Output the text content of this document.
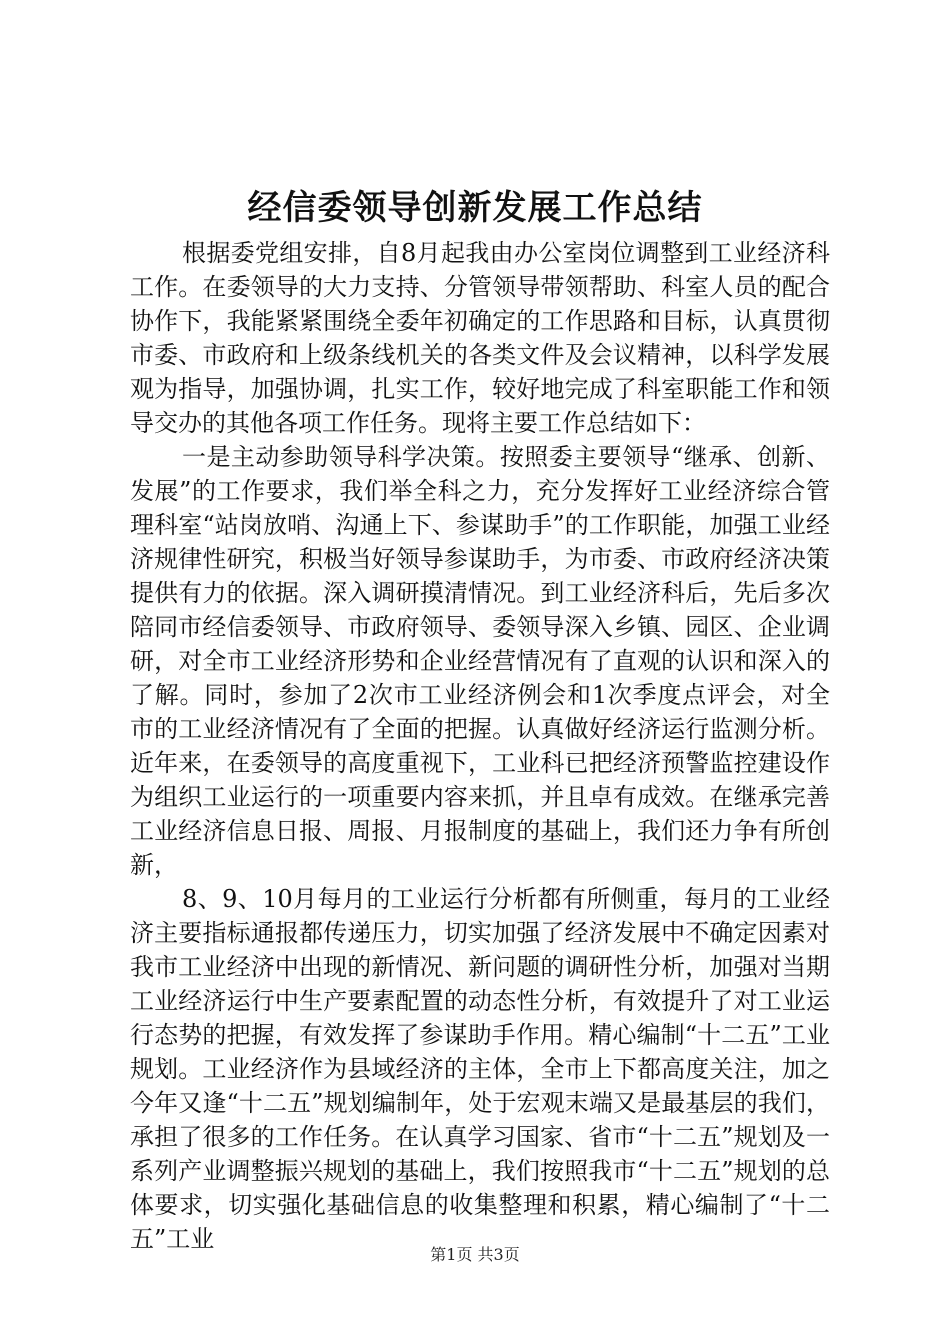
经信委领导创新发展工作总结

根据委党组安排，自8月起我由办公室岗位调整到工业经济科工作。在委领导的大力支持、分管领导带领帮助、科室人员的配合协作下，我能紧紧围绕全委年初确定的工作思路和目标，认真贯彻市委、市政府和上级条线机关的各类文件及会议精神，以科学发展观为指导，加强协调，扎实工作，较好地完成了科室职能工作和领导交办的其他各项工作任务。现将主要工作总结如下：

一是主动参助领导科学决策。按照委主要领导“继承、创新、发展”的工作要求，我们举全科之力，充分发挥好工业经济综合管理科室“站岗放哨、沟通上下、参谋助手”的工作职能，加强工业经济规律性研究，积极当好领导参谋助手，为市委、市政府经济决策提供有力的依据。深入调研摸清情况。到工业经济科后，先后多次陪同市经信委领导、市政府领导、委领导深入乡镇、园区、企业调研，对全市工业经济形势和企业经营情况有了直观的认识和深入的了解。同时，参加了2次市工业经济例会和1次季度点评会，对全市的工业经济情况有了全面的把握。认真做好经济运行监测分析。近年来，在委领导的高度重视下，工业科已把经济预警监控建设作为组织工业运行的一项重要内容来抓，并且卓有成效。在继承完善工业经济信息日报、周报、月报制度的基础上，我们还力争有所创新，

8、9、10月每月的工业运行分析都有所侧重，每月的工业经济主要指标通报都传递压力，切实加强了经济发展中不确定因素对我市工业经济中出现的新情况、新问题的调研性分析，加强对当期工业经济运行中生产要素配置的动态性分析，有效提升了对工业运行态势的把握，有效发挥了参谋助手作用。精心编制“十二五”工业规划。工业经济作为县域经济的主体，全市上下都高度关注，加之今年又逢“十二五”规划编制年，处于宏观末端又是最基层的我们，承担了很多的工作任务。在认真学习国家、省市“十二五”规划及一系列产业调整振兴规划的基础上，我们按照我市“十二五”规划的总体要求，切实强化基础信息的收集整理和积累，精心编制了“十二五”工业

第1页 共3页
